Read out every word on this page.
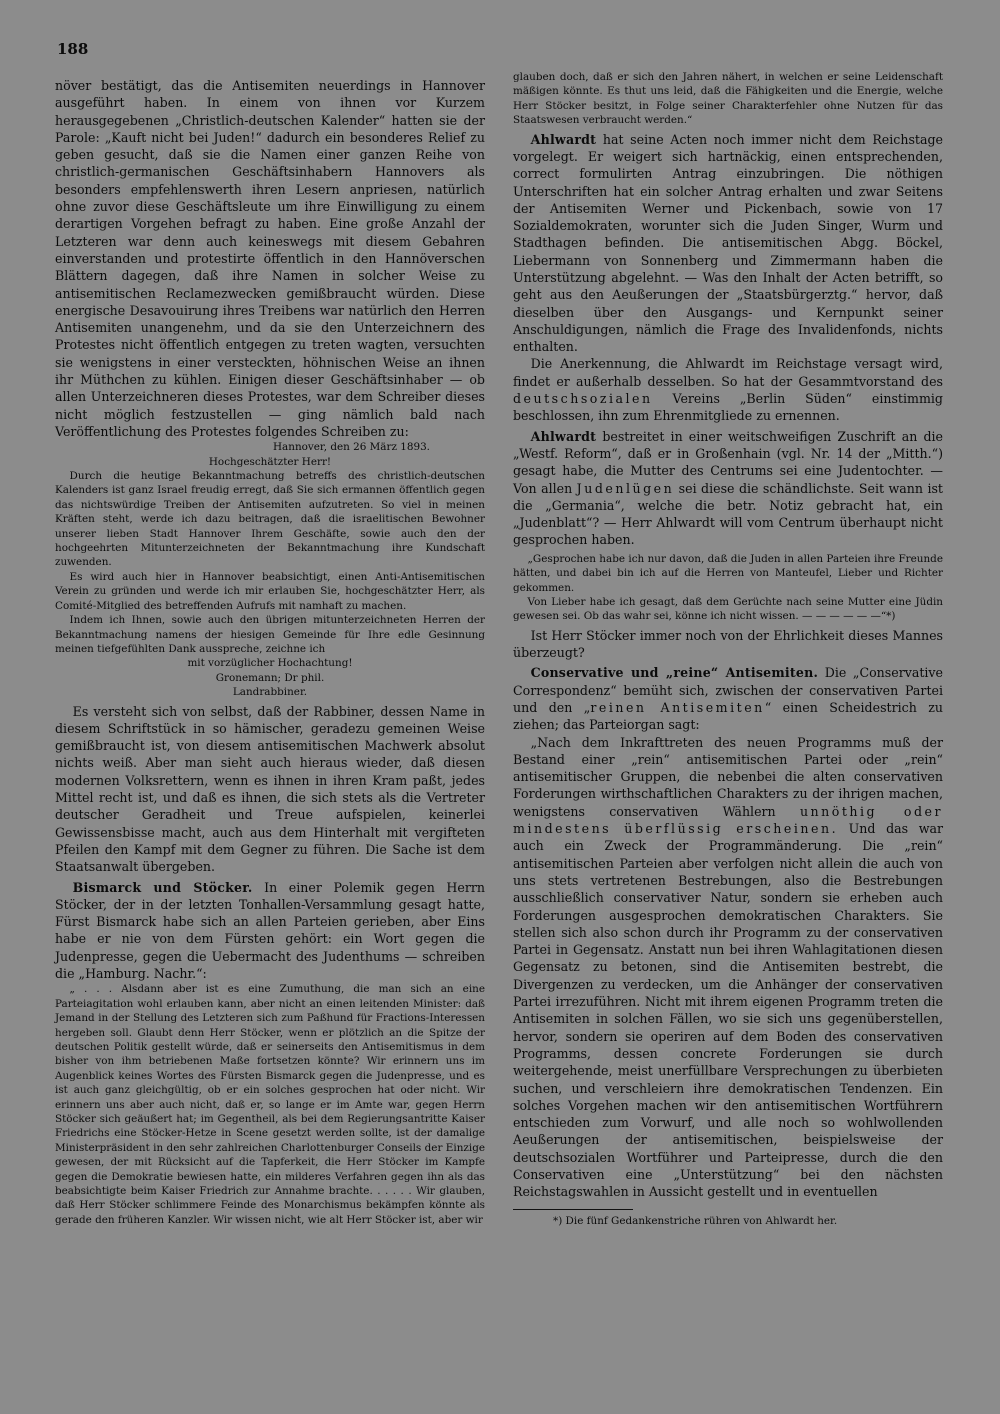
188

növer bestätigt, das die Antisemiten neuerdings in Hannover ausgeführt haben. In einem von ihnen vor Kurzem herausgegebenen „Christlich-deutschen Kalender“ hatten sie der Parole: „Kauft nicht bei Juden!“ dadurch ein besonderes Relief zu geben gesucht, daß sie die Namen einer ganzen Reihe von christlich-germanischen Geschäftsinhabern Hannovers als besonders empfehlenswerth ihren Lesern anpriesen, natürlich ohne zuvor diese Geschäftsleute um ihre Einwilligung zu einem derartigen Vorgehen befragt zu haben. Eine große Anzahl der Letzteren war denn auch keineswegs mit diesem Gebahren einverstanden und protestirte öffentlich in den Hannöverschen Blättern dagegen, daß ihre Namen in solcher Weise zu antisemitischen Reclamezwecken gemißbraucht würden. Diese energische Desavouirung ihres Treibens war natürlich den Herren Antisemiten unangenehm, und da sie den Unterzeichnern des Protestes nicht öffentlich entgegen zu treten wagten, versuchten sie wenigstens in einer versteckten, höhnischen Weise an ihnen ihr Müthchen zu kühlen. Einigen dieser Geschäftsinhaber — ob allen Unterzeichneren dieses Protestes, war dem Schreiber dieses nicht möglich festzustellen — ging nämlich bald nach Veröffentlichung des Protestes folgendes Schreiben zu:

Hannover, den 26 März 1893.

Hochgeschätzter Herr!

Durch die heutige Bekanntmachung betreffs des christlich-deutschen Kalenders ist ganz Israel freudig erregt, daß Sie sich ermannen öffentlich gegen das nichtswürdige Treiben der Antisemiten aufzutreten. So viel in meinen Kräften steht, werde ich dazu beitragen, daß die israelitischen Bewohner unserer lieben Stadt Hannover Ihrem Geschäfte, sowie auch den der hochgeehrten Mitunterzeichneten der Bekanntmachung ihre Kundschaft zuwenden.

Es wird auch hier in Hannover beabsichtigt, einen Anti-Antisemitischen Verein zu gründen und werde ich mir erlauben Sie, hochgeschätzter Herr, als Comité-Mitglied des betreffenden Aufrufs mit namhaft zu machen.

Indem ich Ihnen, sowie auch den übrigen mitunterzeichneten Herren der Bekanntmachung namens der hiesigen Gemeinde für Ihre edle Gesinnung meinen tiefgefühlten Dank ausspreche, zeichne ich

mit vorzüglicher Hochachtung!

Gronemann; Dr phil.

Landrabbiner.

Es versteht sich von selbst, daß der Rabbiner, dessen Name in diesem Schriftstück in so hämischer, geradezu gemeinen Weise gemißbraucht ist, von diesem antisemitischen Machwerk absolut nichts weiß. Aber man sieht auch hieraus wieder, daß diesen modernen Volksrettern, wenn es ihnen in ihren Kram paßt, jedes Mittel recht ist, und daß es ihnen, die sich stets als die Vertreter deutscher Geradheit und Treue aufspielen, keinerlei Gewissensbisse macht, auch aus dem Hinterhalt mit vergifteten Pfeilen den Kampf mit dem Gegner zu führen. Die Sache ist dem Staatsanwalt übergeben.

Bismarck und Stöcker. In einer Polemik gegen Herrn Stöcker, der in der letzten Tonhallen-Versammlung gesagt hatte, Fürst Bismarck habe sich an allen Parteien gerieben, aber Eins habe er nie von dem Fürsten gehört: ein Wort gegen die Judenpresse, gegen die Uebermacht des Judenthums — schreiben die „Hamburg. Nachr.“:

„ . . . Alsdann aber ist es eine Zumuthung, die man sich an eine Parteiagitation wohl erlauben kann, aber nicht an einen leitenden Minister: daß Jemand in der Stellung des Letzteren sich zum Paßhund für Fractions-Interessen hergeben soll. Glaubt denn Herr Stöcker, wenn er plötzlich an die Spitze der deutschen Politik gestellt würde, daß er seinerseits den Antisemitismus in dem bisher von ihm betriebenen Maße fortsetzen könnte? Wir erinnern uns im Augenblick keines Wortes des Fürsten Bismarck gegen die Judenpresse, und es ist auch ganz gleichgültig, ob er ein solches gesprochen hat oder nicht. Wir erinnern uns aber auch nicht, daß er, so lange er im Amte war, gegen Herrn Stöcker sich geäußert hat; im Gegentheil, als bei dem Regierungsantritte Kaiser Friedrichs eine Stöcker-Hetze in Scene gesetzt werden sollte, ist der damalige Ministerpräsident in den sehr zahlreichen Charlottenburger Conseils der Einzige gewesen, der mit Rücksicht auf die Tapferkeit, die Herr Stöcker im Kampfe gegen die Demokratie bewiesen hatte, ein milderes Verfahren gegen ihn als das beabsichtigte beim Kaiser Friedrich zur Annahme brachte. . . . . . Wir glauben, daß Herr Stöcker schlimmere Feinde des Monarchismus bekämpfen könnte als gerade den früheren Kanzler. Wir wissen nicht, wie alt Herr Stöcker ist, aber wir

glauben doch, daß er sich den Jahren nähert, in welchen er seine Leidenschaft mäßigen könnte. Es thut uns leid, daß die Fähigkeiten und die Energie, welche Herr Stöcker besitzt, in Folge seiner Charakterfehler ohne Nutzen für das Staatswesen verbraucht werden.“

Ahlwardt hat seine Acten noch immer nicht dem Reichstage vorgelegt. Er weigert sich hartnäckig, einen entsprechenden, correct formulirten Antrag einzubringen. Die nöthigen Unterschriften hat ein solcher Antrag erhalten und zwar Seitens der Antisemiten Werner und Pickenbach, sowie von 17 Sozialdemokraten, worunter sich die Juden Singer, Wurm und Stadthagen befinden. Die antisemitischen Abgg. Böckel, Liebermann von Sonnenberg und Zimmermann haben die Unterstützung abgelehnt. — Was den Inhalt der Acten betrifft, so geht aus den Aeußerungen der „Staatsbürgerztg.“ hervor, daß dieselben über den Ausgangs- und Kernpunkt seiner Anschuldigungen, nämlich die Frage des Invalidenfonds, nichts enthalten.

Die Anerkennung, die Ahlwardt im Reichstage versagt wird, findet er außerhalb desselben. So hat der Gesammtvorstand des deutschsozialen Vereins „Berlin Süden“ einstimmig beschlossen, ihn zum Ehrenmitgliede zu ernennen.

Ahlwardt bestreitet in einer weitschweifigen Zuschrift an die „Westf. Reform“, daß er in Großenhain (vgl. Nr. 14 der „Mitth.“) gesagt habe, die Mutter des Centrums sei eine Judentochter. — Von allen Judenlügen sei diese die schändlichste. Seit wann ist die „Germania“, welche die betr. Notiz gebracht hat, ein „Judenblatt“? — Herr Ahlwardt will vom Centrum überhaupt nicht gesprochen haben.

„Gesprochen habe ich nur davon, daß die Juden in allen Parteien ihre Freunde hätten, und dabei bin ich auf die Herren von Manteufel, Lieber und Richter gekommen.

Von Lieber habe ich gesagt, daß dem Gerüchte nach seine Mutter eine Jüdin gewesen sei. Ob das wahr sei, könne ich nicht wissen. — — — — — —“*)

Ist Herr Stöcker immer noch von der Ehrlichkeit dieses Mannes überzeugt?

Conservative und „reine“ Antisemiten. Die „Conservative Correspondenz“ bemüht sich, zwischen der conservativen Partei und den „reinen Antisemiten“ einen Scheidestrich zu ziehen; das Parteiorgan sagt:

„Nach dem Inkrafttreten des neuen Programms muß der Bestand einer „rein“ antisemitischen Partei oder „rein“ antisemitischer Gruppen, die nebenbei die alten conservativen Forderungen wirthschaftlichen Charakters zu der ihrigen machen, wenigstens conservativen Wählern unnöthig oder mindestens überflüssig erscheinen. Und das war auch ein Zweck der Programmänderung. Die „rein“ antisemitischen Parteien aber verfolgen nicht allein die auch von uns stets vertretenen Bestrebungen, also die Bestrebungen ausschließlich conservativer Natur, sondern sie erheben auch Forderungen ausgesprochen demokratischen Charakters. Sie stellen sich also schon durch ihr Programm zu der conservativen Partei in Gegensatz. Anstatt nun bei ihren Wahlagitationen diesen Gegensatz zu betonen, sind die Antisemiten bestrebt, die Divergenzen zu verdecken, um die Anhänger der conservativen Partei irrezuführen. Nicht mit ihrem eigenen Programm treten die Antisemiten in solchen Fällen, wo sie sich uns gegenüberstellen, hervor, sondern sie operiren auf dem Boden des conservativen Programms, dessen concrete Forderungen sie durch weitergehende, meist unerfüllbare Versprechungen zu überbieten suchen, und verschleiern ihre demokratischen Tendenzen. Ein solches Vorgehen machen wir den antisemitischen Wortführern entschieden zum Vorwurf, und alle noch so wohlwollenden Aeußerungen der antisemitischen, beispielsweise der deutschsozialen Wortführer und Parteipresse, durch die den Conservativen eine „Unterstützung“ bei den nächsten Reichstagswahlen in Aussicht gestellt und in eventuellen

*) Die fünf Gedankenstriche rühren von Ahlwardt her.
